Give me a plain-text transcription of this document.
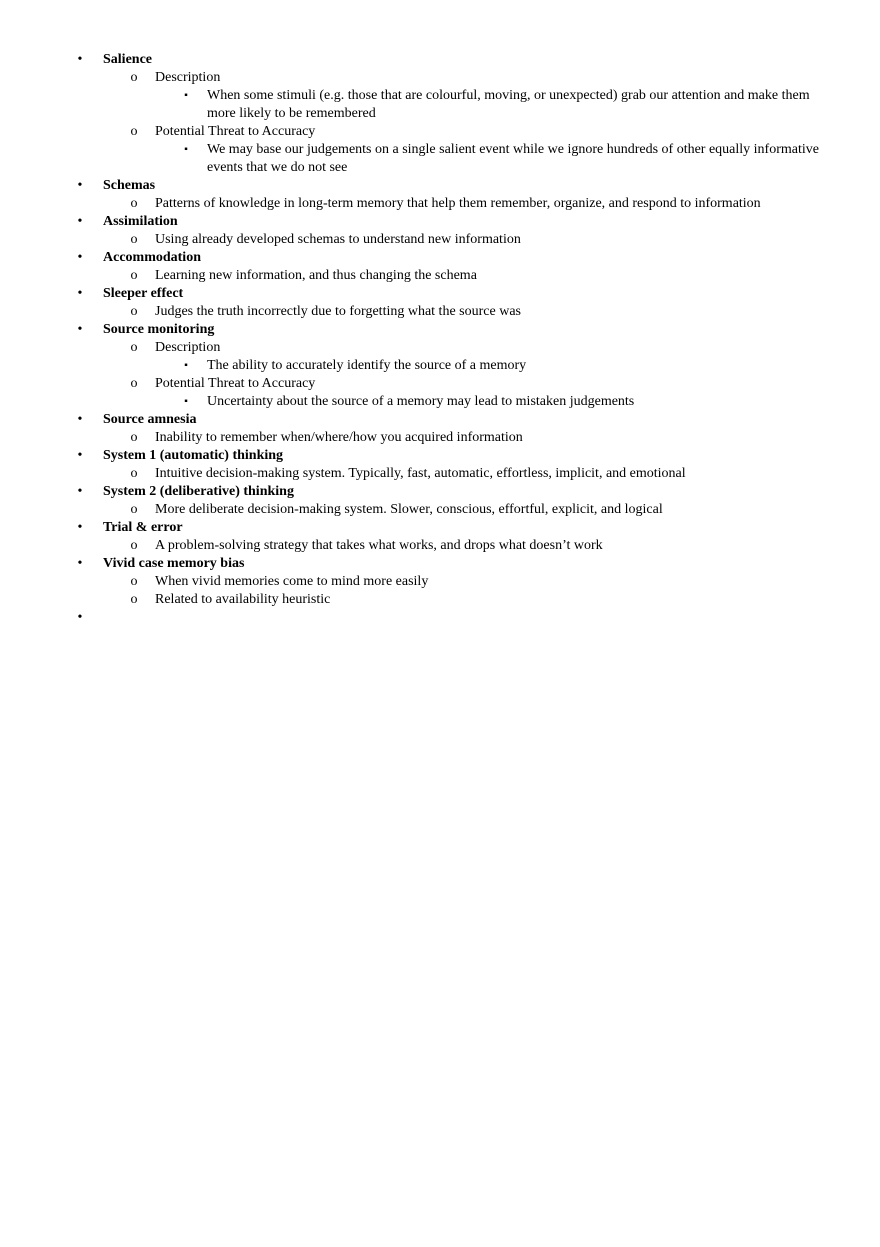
• Salience
o Description
▪ When some stimuli (e.g. those that are colourful, moving, or unexpected) grab our attention and make them more likely to be remembered
o Potential Threat to Accuracy
▪ We may base our judgements on a single salient event while we ignore hundreds of other equally informative events that we do not see
• Schemas
o Patterns of knowledge in long-term memory that help them remember, organize, and respond to information
• Assimilation
o Using already developed schemas to understand new information
• Accommodation
o Learning new information, and thus changing the schema
• Sleeper effect
o Judges the truth incorrectly due to forgetting what the source was
• Source monitoring
o Description
▪ The ability to accurately identify the source of a memory
o Potential Threat to Accuracy
▪ Uncertainty about the source of a memory may lead to mistaken judgements
• Source amnesia
o Inability to remember when/where/how you acquired information
• System 1 (automatic) thinking
o Intuitive decision-making system. Typically, fast, automatic, effortless, implicit, and emotional
• System 2 (deliberative) thinking
o More deliberate decision-making system. Slower, conscious, effortful, explicit, and logical
• Trial & error
o A problem-solving strategy that takes what works, and drops what doesn’t work
• Vivid case memory bias
o When vivid memories come to mind more easily
o Related to availability heuristic
•
